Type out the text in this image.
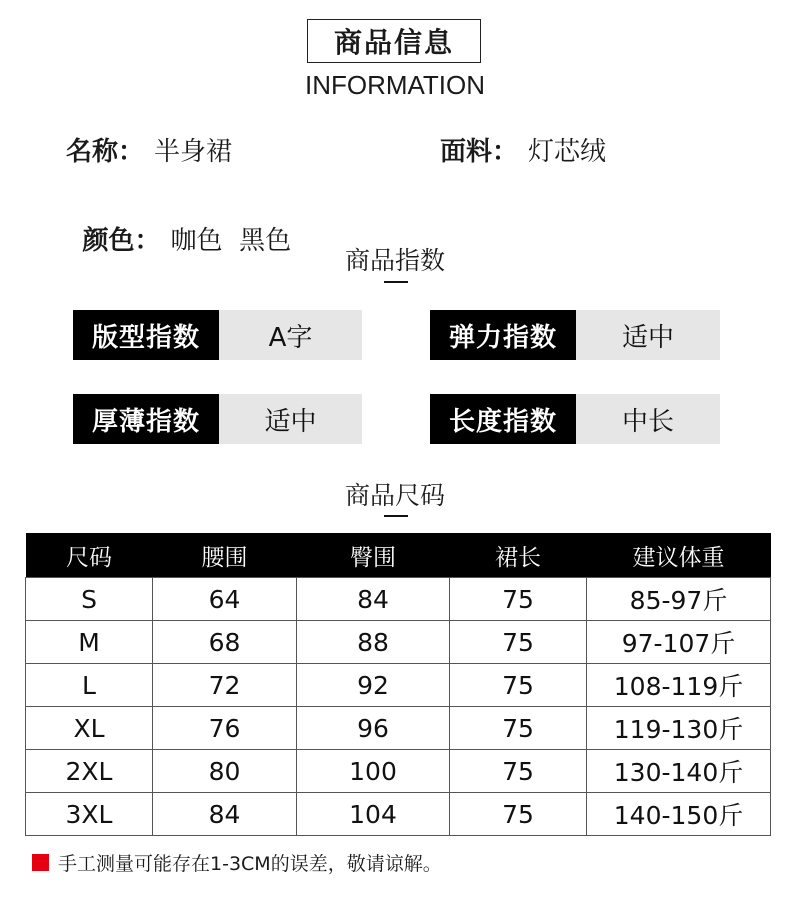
商品信息
INFORMATION
名称： 半身裙	面料： 灯芯绒

颜色： 咖色  黑色

商品指数
版型指数	A字	弹力指数	适中
厚薄指数	适中	长度指数	中长
商品尺码
尺码	腰围	臀围	裙长	建议体重
S	64	84	75	85-97斤
M	68	88	75	97-107斤
L	72	92	75	108-119斤
XL	76	96	75	119-130斤
2XL	80	100	75	130-140斤
3XL	84	104	75	140-150斤
手工测量可能存在1-3CM的误差，敬请谅解。
